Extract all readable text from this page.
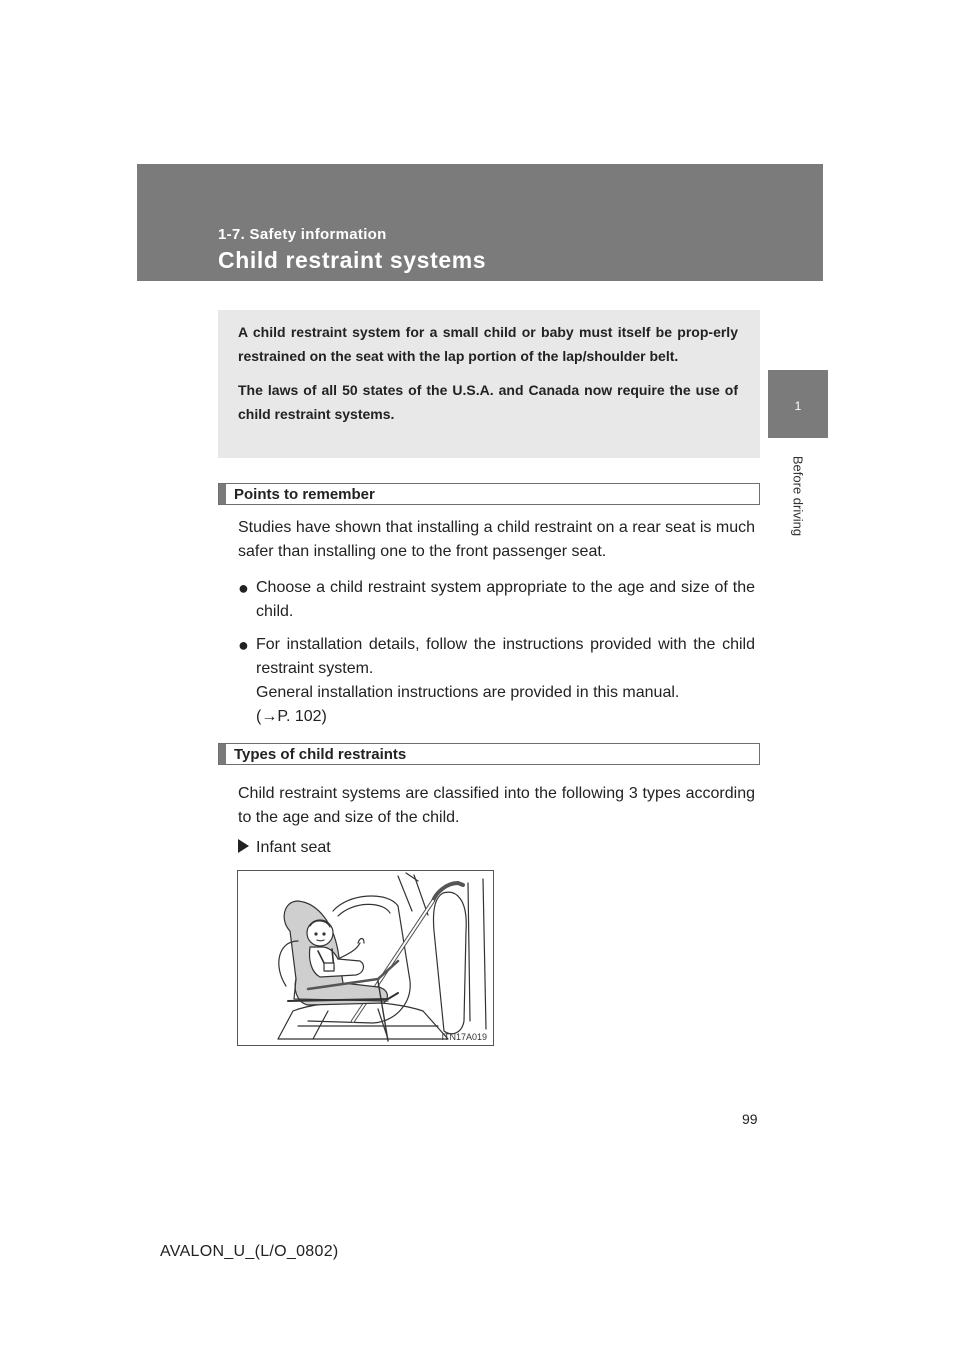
1-7. Safety information
Child restraint systems
1
Before driving

A child restraint system for a small child or baby must itself be prop-erly restrained on the seat with the lap portion of the lap/shoulder belt.

The laws of all 50 states of the U.S.A. and Canada now require the use of child restraint systems.

Points to remember
Studies have shown that installing a child restraint on a rear seat is much safer than installing one to the front passenger seat.
● Choose a child restraint system appropriate to the age and size of the child.
● For installation details, follow the instructions provided with the child restraint system.
General installation instructions are provided in this manual.
(→P. 102)
Types of child restraints
Child restraint systems are classified into the following 3 types according to the age and size of the child.
Infant seat
ITN17A019
99
AVALON_U_(L/O_0802)
